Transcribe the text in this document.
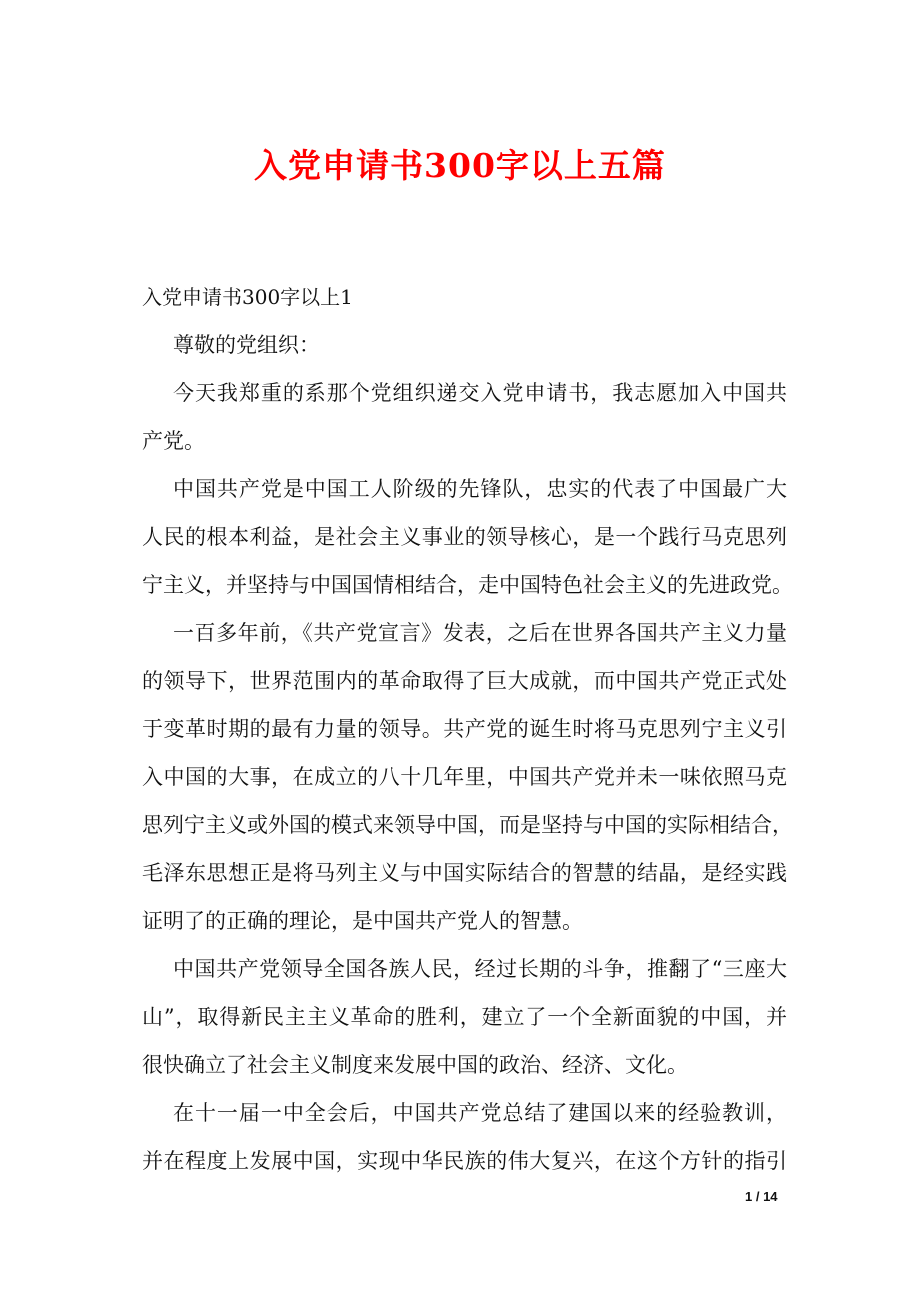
入党申请书300字以上五篇
入党申请书300字以上1
尊敬的党组织：
今天我郑重的系那个党组织递交入党申请书，我志愿加入中国共
产党。
中国共产党是中国工人阶级的先锋队，忠实的代表了中国最广大
人民的根本利益，是社会主义事业的领导核心，是一个践行马克思列
宁主义，并坚持与中国国情相结合，走中国特色社会主义的先进政党。
一百多年前，《共产党宣言》发表，之后在世界各国共产主义力量
的领导下，世界范围内的革命取得了巨大成就，而中国共产党正式处
于变革时期的最有力量的领导。共产党的诞生时将马克思列宁主义引
入中国的大事，在成立的八十几年里，中国共产党并未一味依照马克
思列宁主义或外国的模式来领导中国，而是坚持与中国的实际相结合，
毛泽东思想正是将马列主义与中国实际结合的智慧的结晶，是经实践
证明了的正确的理论，是中国共产党人的智慧。
中国共产党领导全国各族人民，经过长期的斗争，推翻了“三座大
山”，取得新民主主义革命的胜利，建立了一个全新面貌的中国，并
很快确立了社会主义制度来发展中国的政治、经济、文化。
在十一届一中全会后，中国共产党总结了建国以来的经验教训，
并在程度上发展中国，实现中华民族的伟大复兴，在这个方针的指引
1 / 14
